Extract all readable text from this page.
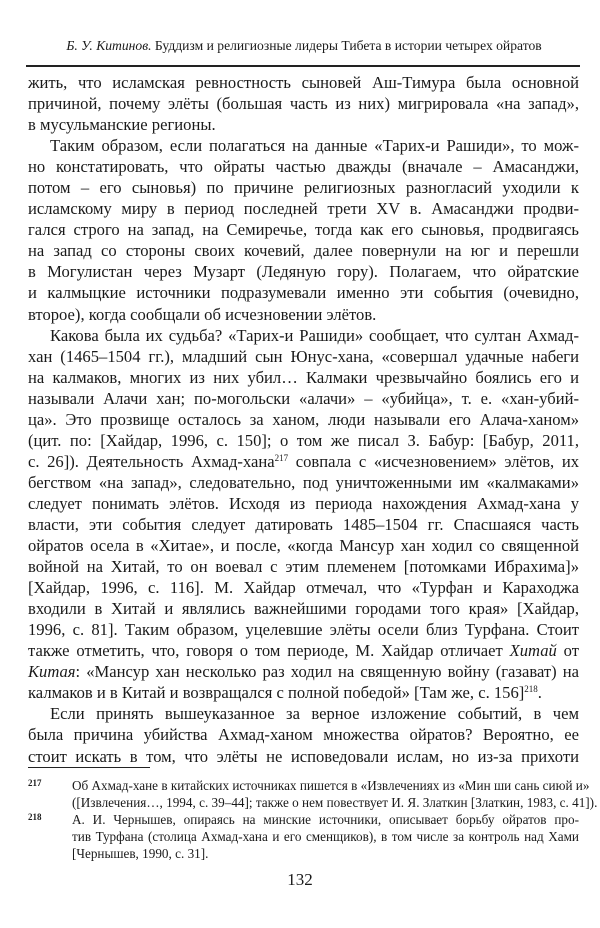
Б. У. Китинов. Буддизм и религиозные лидеры Тибета в истории четырех ойратов
жить, что исламская ревностность сыновей Аш-Тимура была основной
причиной, почему элёты (большая часть из них) мигрировала «на запад»,
в мусульманские регионы.
Таким образом, если полагаться на данные «Тарих-и Рашиди», то мож-
но констатировать, что ойраты частью дважды (вначале – Амасанджи,
потом – его сыновья) по причине религиозных разногласий уходили к
исламскому миру в период последней трети XV в. Амасанджи продви-
гался строго на запад, на Семиречье, тогда как его сыновья, продвигаясь
на запад со стороны своих кочевий, далее повернули на юг и перешли
в Могулистан через Музарт (Ледяную гору). Полагаем, что ойратские
и калмыцкие источники подразумевали именно эти события (очевидно,
второе), когда сообщали об исчезновении элётов.
Какова была их судьба? «Тарих-и Рашиди» сообщает, что султан Ахмад-
хан (1465–1504 гг.), младший сын Юнус-хана, «совершал удачные набеги
на калмаков, многих из них убил… Калмаки чрезвычайно боялись его и
называли Алачи хан; по-могольски «алачи» – «убийца», т. е. «хан-убий-
ца». Это прозвище осталось за ханом, люди называли его Алача-ханом»
(цит. по: [Хайдар, 1996, с. 150]; о том же писал З. Бабур: [Бабур, 2011,
с. 26]). Деятельность Ахмад-хана$^{217}$ совпала с «исчезновением» элётов, их
бегством «на запад», следовательно, под уничтоженными им «калмаками»
следует понимать элётов. Исходя из периода нахождения Ахмад-хана у
власти, эти события следует датировать 1485–1504 гг. Спасшаяся часть
ойратов осела в «Хитае», и после, «когда Мансур хан ходил со священной
войной на Хитай, то он воевал с этим племенем [потомками Ибрахима]»
[Хайдар, 1996, с. 116]. М. Хайдар отмечал, что «Турфан и Караходжа
входили в Хитай и являлись важнейшими городами того края» [Хайдар,
1996, с. 81]. Таким образом, уцелевшие элёты осели близ Турфана. Стоит
также отметить, что, говоря о том периоде, М. Хайдар отличает Хитай от
Китая: «Мансур хан несколько раз ходил на священную войну (газават) на
калмаков и в Китай и возвращался с полной победой» [Там же, с. 156]$^{218}$.
Если принять вышеуказанное за верное изложение событий, в чем
была причина убийства Ахмад-ханом множества ойратов? Вероятно, ее
стоит искать в том, что элёты не исповедовали ислам, но из-за прихоти
217 Об Ахмад-хане в китайских источниках пишется в «Извлечениях из «Мин ши сань сиюй и»
([Извлечения…, 1994, с. 39–44]; также о нем повествует И. Я. Златкин [Златкин, 1983, с. 41]).
218 А. И. Чернышев, опираясь на минские источники, описывает борьбу ойратов про-
тив Турфана (столица Ахмад-хана и его сменщиков), в том числе за контроль над Хами
[Чернышев, 1990, с. 31].
132
